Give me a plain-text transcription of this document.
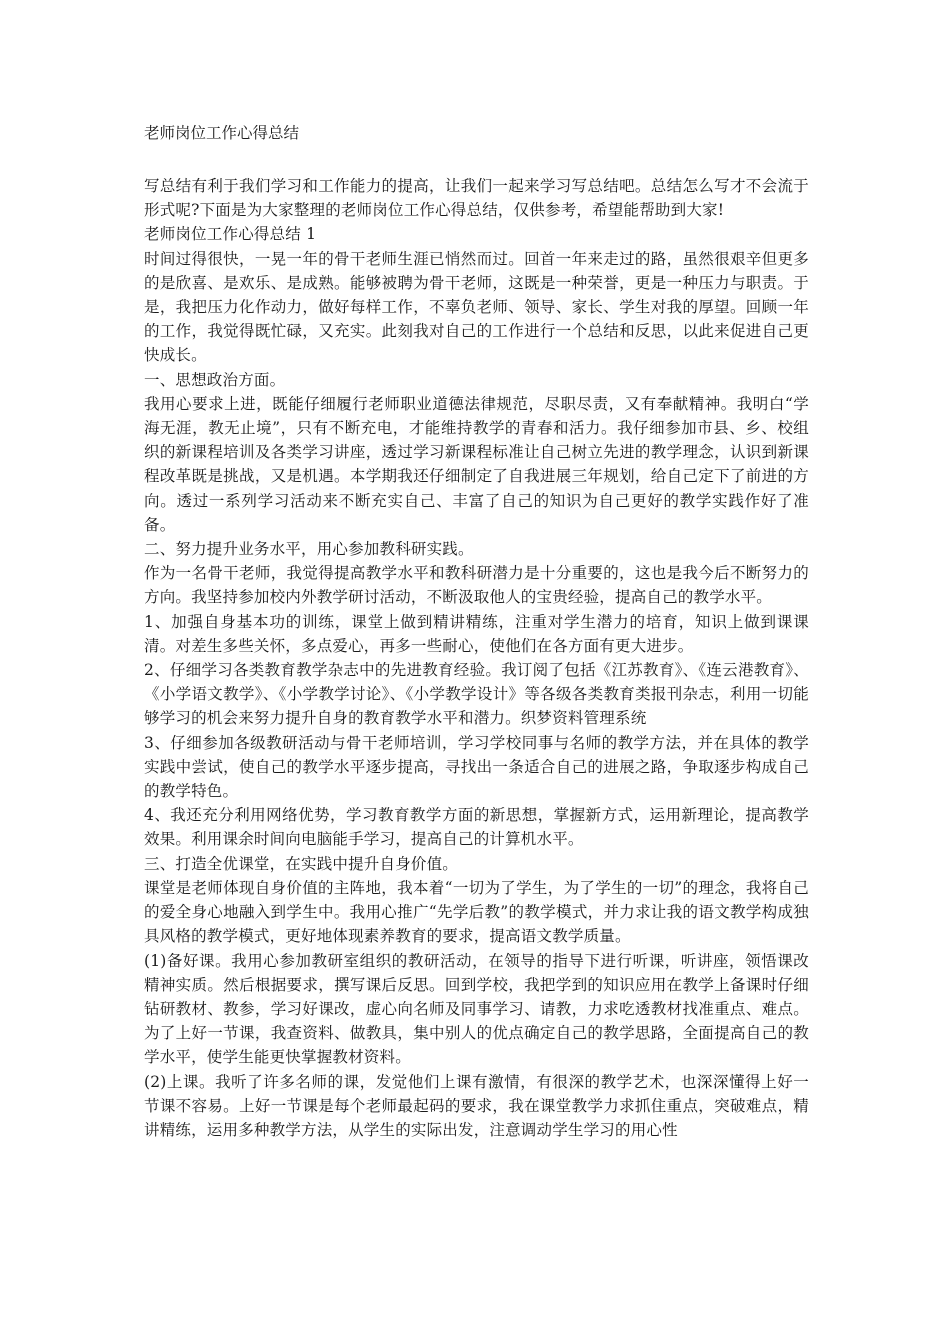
老师岗位工作心得总结

写总结有利于我们学习和工作能力的提高，让我们一起来学习写总结吧。总结怎么写才不会流于形式呢?下面是为大家整理的老师岗位工作心得总结，仅供参考，希望能帮助到大家!

老师岗位工作心得总结 1

时间过得很快，一晃一年的骨干老师生涯已悄然而过。回首一年来走过的路，虽然很艰辛但更多的是欣喜、是欢乐、是成熟。能够被聘为骨干老师，这既是一种荣誉，更是一种压力与职责。于是，我把压力化作动力，做好每样工作，不辜负老师、领导、家长、学生对我的厚望。回顾一年的工作，我觉得既忙碌，又充实。此刻我对自己的工作进行一个总结和反思，以此来促进自己更快成长。

一、思想政治方面。

我用心要求上进，既能仔细履行老师职业道德法律规范，尽职尽责，又有奉献精神。我明白“学海无涯，教无止境”，只有不断充电，才能维持教学的青春和活力。我仔细参加市县、乡、校组织的新课程培训及各类学习讲座，透过学习新课程标准让自己树立先进的教学理念，认识到新课程改革既是挑战，又是机遇。本学期我还仔细制定了自我进展三年规划，给自己定下了前进的方向。透过一系列学习活动来不断充实自己、丰富了自己的知识为自己更好的教学实践作好了准备。

二、努力提升业务水平，用心参加教科研实践。

作为一名骨干老师，我觉得提高教学水平和教科研潜力是十分重要的，这也是我今后不断努力的方向。我坚持参加校内外教学研讨活动，不断汲取他人的宝贵经验，提高自己的教学水平。

1、加强自身基本功的训练，课堂上做到精讲精练，注重对学生潜力的培育，知识上做到课课清。对差生多些关怀，多点爱心，再多一些耐心，使他们在各方面有更大进步。

2、仔细学习各类教育教学杂志中的先进教育经验。我订阅了包括《江苏教育》、《连云港教育》、《小学语文教学》、《小学教学讨论》、《小学教学设计》等各级各类教育类报刊杂志，利用一切能够学习的机会来努力提升自身的教育教学水平和潜力。织梦资料管理系统

3、仔细参加各级教研活动与骨干老师培训，学习学校同事与名师的教学方法，并在具体的教学实践中尝试，使自己的教学水平逐步提高，寻找出一条适合自己的进展之路，争取逐步构成自己的教学特色。

4、我还充分利用网络优势，学习教育教学方面的新思想，掌握新方式，运用新理论，提高教学效果。利用课余时间向电脑能手学习，提高自己的计算机水平。

三、打造全优课堂，在实践中提升自身价值。

课堂是老师体现自身价值的主阵地，我本着“一切为了学生，为了学生的一切”的理念，我将自己的爱全身心地融入到学生中。我用心推广“先学后教”的教学模式，并力求让我的语文教学构成独具风格的教学模式，更好地体现素养教育的要求，提高语文教学质量。

(1)备好课。我用心参加教研室组织的教研活动，在领导的指导下进行听课，听讲座，领悟课改精神实质。然后根据要求，撰写课后反思。回到学校，我把学到的知识应用在教学上备课时仔细钻研教材、教参，学习好课改，虚心向名师及同事学习、请教，力求吃透教材找准重点、难点。为了上好一节课，我查资料、做教具，集中别人的优点确定自己的教学思路，全面提高自己的教学水平，使学生能更快掌握教材资料。

(2)上课。我听了许多名师的课，发觉他们上课有激情，有很深的教学艺术，也深深懂得上好一节课不容易。上好一节课是每个老师最起码的要求，我在课堂教学力求抓住重点，突破难点，精讲精练，运用多种教学方法，从学生的实际出发，注意调动学生学习的用心性
